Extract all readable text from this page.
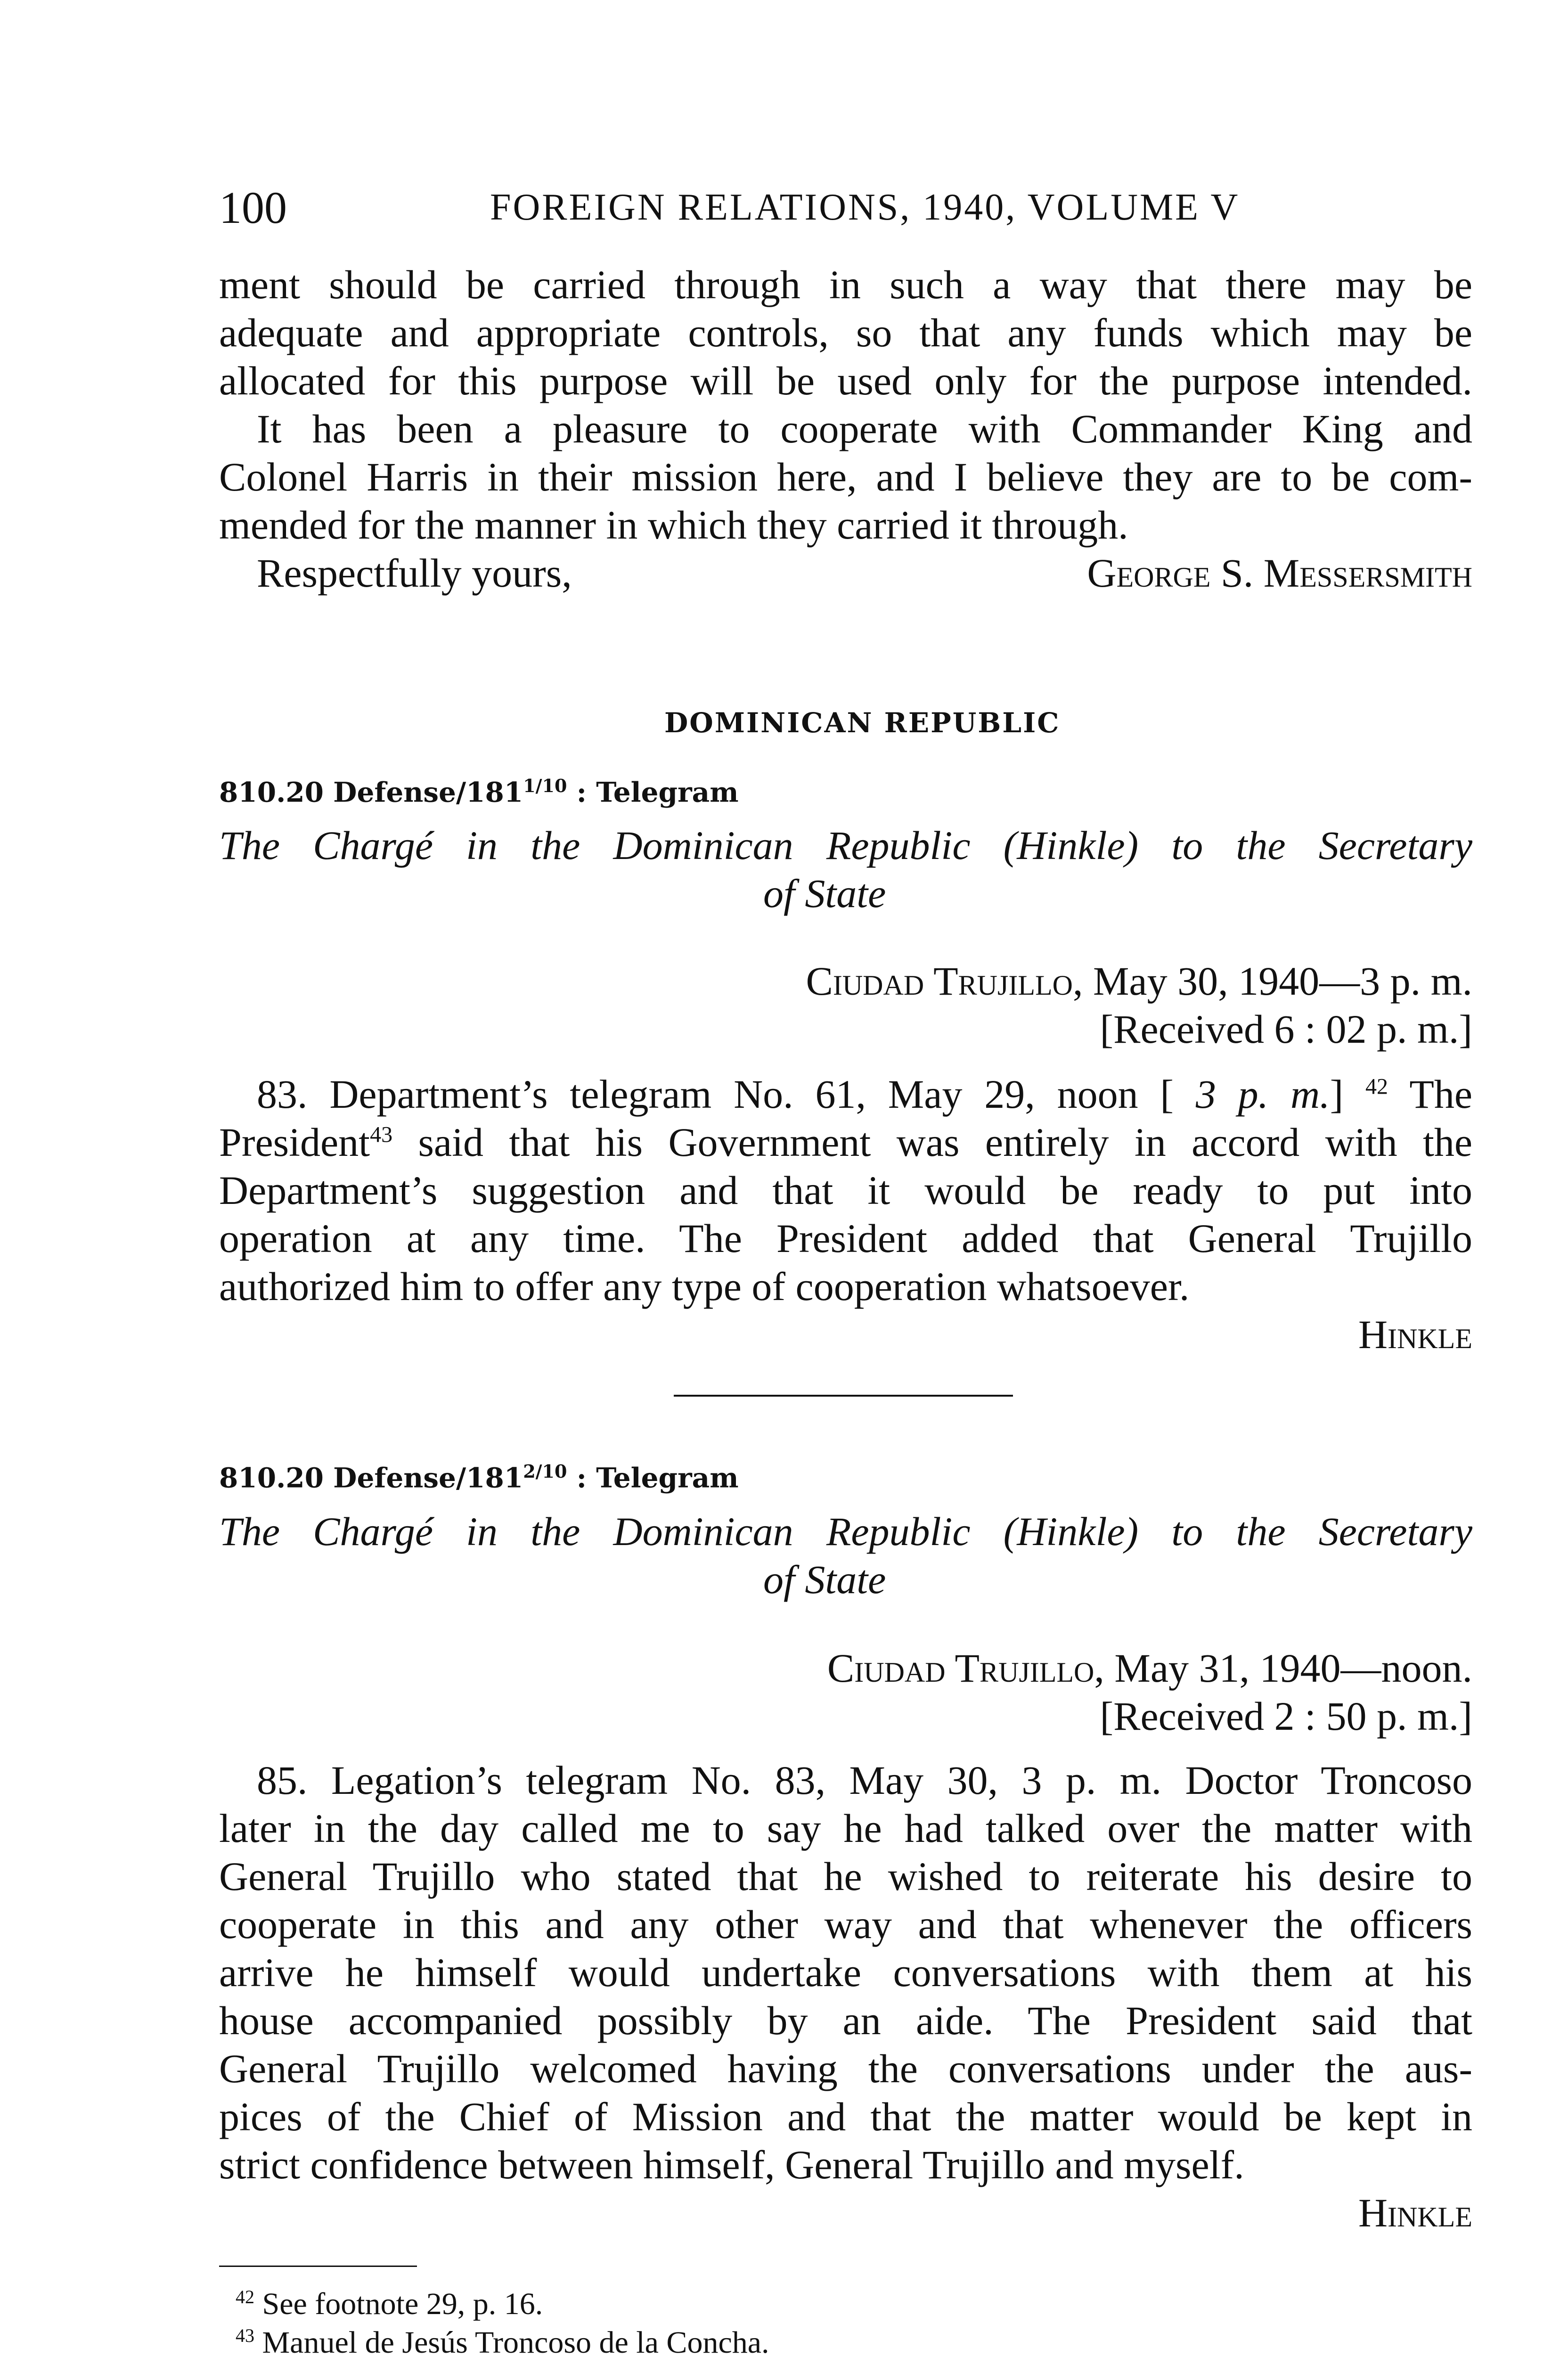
100	FOREIGN RELATIONS, 1940, VOLUME V
ment should be carried through in such a way that there may be
adequate and appropriate controls, so that any funds which may be
allocated for this purpose will be used only for the purpose intended.
It has been a pleasure to cooperate with Commander King and
Colonel Harris in their mission here, and I believe they are to be com-
mended for the manner in which they carried it through.
Respectfully yours,	George S. Messersmith
DOMINICAN REPUBLIC
810.20 Defense/$181^{1/10}$ : Telegram
The Chargé in the Dominican Republic (Hinkle) to the Secretary
of State
Ciudad Trujillo, May 30, 1940—3 p. m.
[Received 6 : 02 p. m.]
83. Department’s telegram No. 61, May 29, noon [ 3 p. m.] $^{42}$ The
President$^{43}$ said that his Government was entirely in accord with the
Department’s suggestion and that it would be ready to put into
operation at any time. The President added that General Trujillo
authorized him to offer any type of cooperation whatsoever.
Hinkle
810.20 Defense/$181^{2/10}$ : Telegram
The Chargé in the Dominican Republic (Hinkle) to the Secretary
of State
Ciudad Trujillo, May 31, 1940—noon.
[Received 2 : 50 p. m.]
85. Legation’s telegram No. 83, May 30, 3 p. m. Doctor Troncoso
later in the day called me to say he had talked over the matter with
General Trujillo who stated that he wished to reiterate his desire to
cooperate in this and any other way and that whenever the officers
arrive he himself would undertake conversations with them at his
house accompanied possibly by an aide. The President said that
General Trujillo welcomed having the conversations under the aus-
pices of the Chief of Mission and that the matter would be kept in
strict confidence between himself, General Trujillo and myself.
Hinkle
$^{42}$ See footnote 29, p. 16.
$^{43}$ Manuel de Jesús Troncoso de la Concha.
